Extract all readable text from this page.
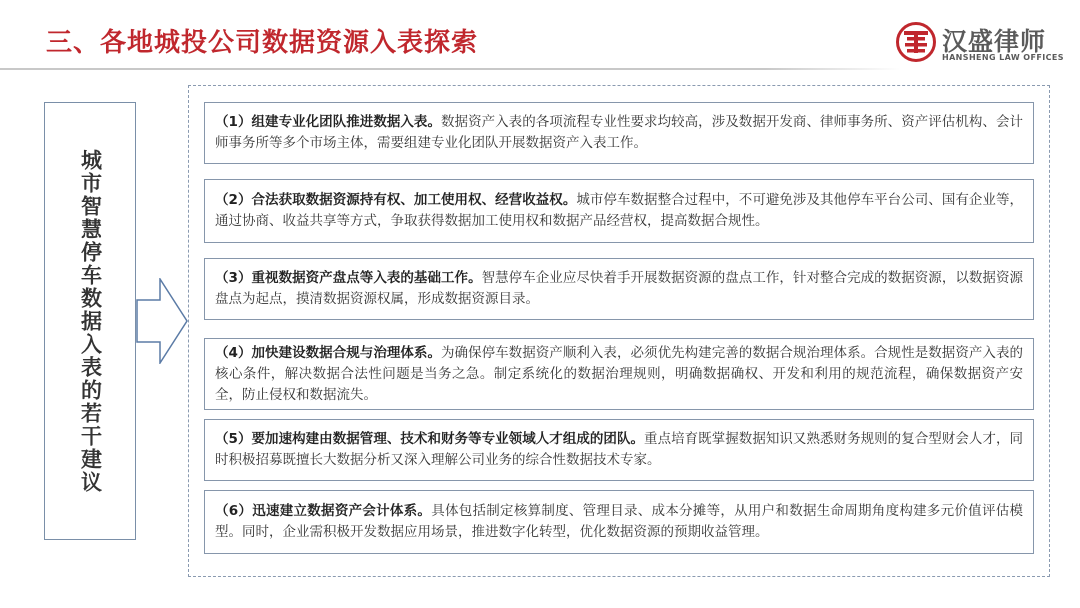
三、各地城投公司数据资源入表探索	汉盛律师
HANSHENG LAW OFFICES
城市智慧停车数据入表的若干建议
（1）组建专业化团队推进数据入表。数据资产入表的各项流程专业性要求均较高，涉及数据开发商、律师事务所、资产评估机构、会计师事务所等多个市场主体，需要组建专业化团队开展数据资产入表工作。
（2）合法获取数据资源持有权、加工使用权、经营收益权。城市停车数据整合过程中，不可避免涉及其他停车平台公司、国有企业等，通过协商、收益共享等方式，争取获得数据加工使用权和数据产品经营权，提高数据合规性。
（3）重视数据资产盘点等入表的基础工作。智慧停车企业应尽快着手开展数据资源的盘点工作，针对整合完成的数据资源，以数据资源盘点为起点，摸清数据资源权属，形成数据资源目录。
（4）加快建设数据合规与治理体系。为确保停车数据资产顺利入表，必须优先构建完善的数据合规治理体系。合规性是数据资产入表的核心条件，解决数据合法性问题是当务之急。制定系统化的数据治理规则，明确数据确权、开发和利用的规范流程，确保数据资产安全，防止侵权和数据流失。
（5）要加速构建由数据管理、技术和财务等专业领域人才组成的团队。重点培育既掌握数据知识又熟悉财务规则的复合型财会人才，同时积极招募既擅长大数据分析又深入理解公司业务的综合性数据技术专家。
（6）迅速建立数据资产会计体系。具体包括制定核算制度、管理目录、成本分摊等，从用户和数据生命周期角度构建多元价值评估模型。同时，企业需积极开发数据应用场景，推进数字化转型，优化数据资源的预期收益管理。
